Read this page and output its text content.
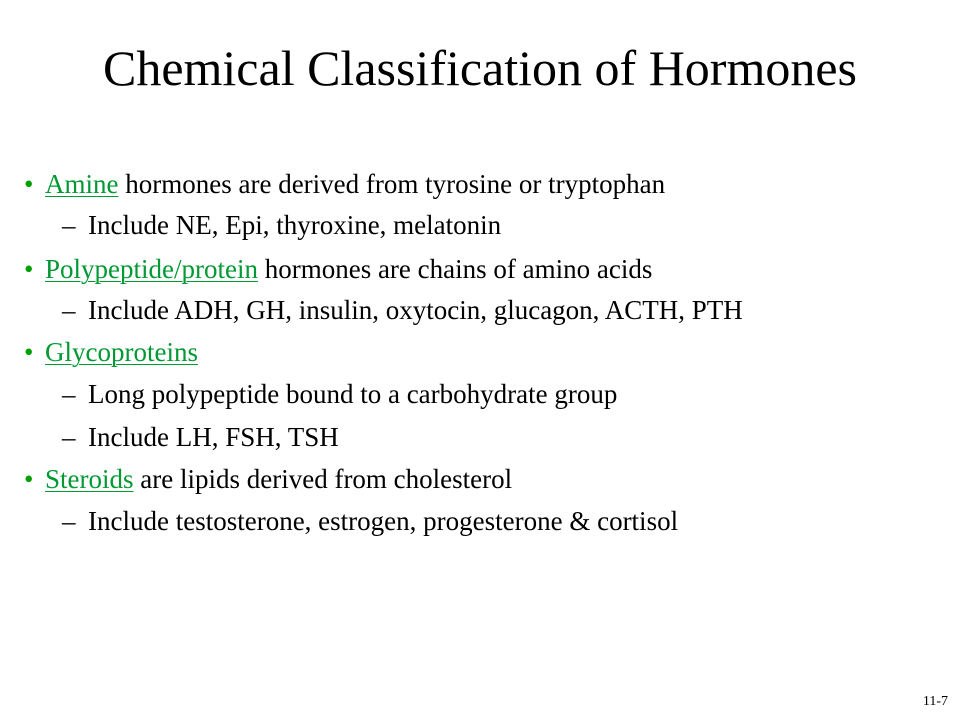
Chemical Classification of Hormones
• Amine hormones are derived from tyrosine or tryptophan
– Include NE, Epi, thyroxine, melatonin
• Polypeptide/protein hormones are chains of amino acids
– Include ADH, GH, insulin, oxytocin, glucagon, ACTH, PTH
• Glycoproteins
– Long polypeptide bound to a carbohydrate group
– Include LH, FSH, TSH
• Steroids are lipids derived from cholesterol
– Include testosterone, estrogen, progesterone & cortisol
11-7
